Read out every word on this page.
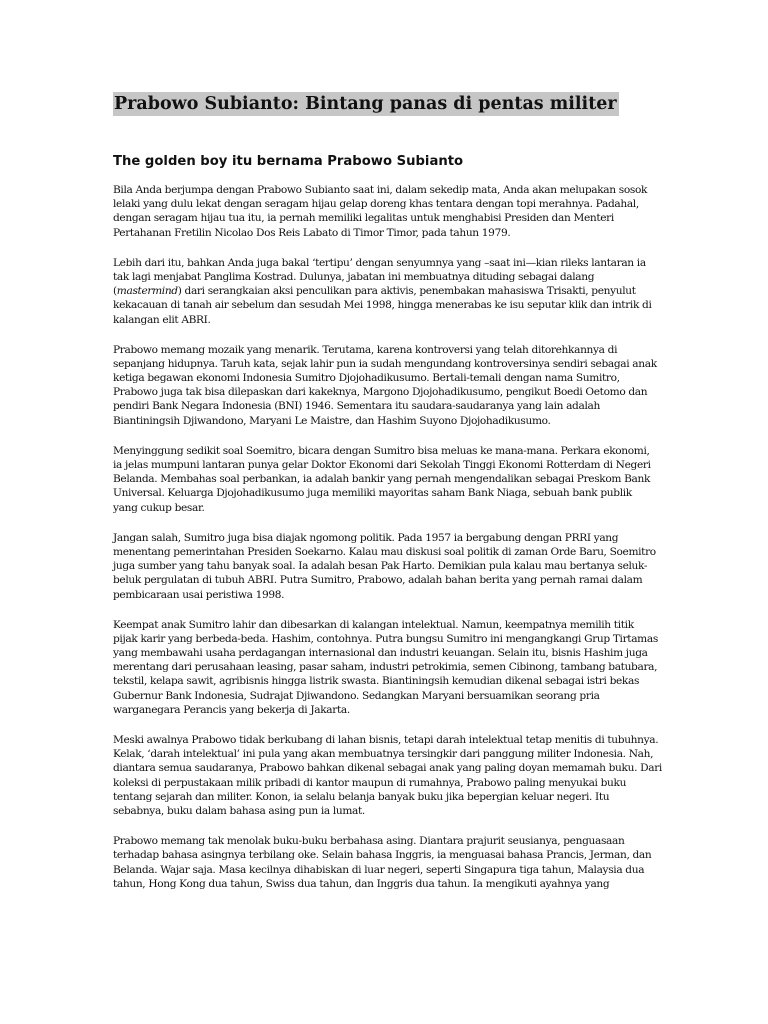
Prabowo Subianto: Bintang panas di pentas militer
The golden boy itu bernama Prabowo Subianto
Bila Anda berjumpa dengan Prabowo Subianto saat ini, dalam sekedip mata, Anda akan melupakan sosok
lelaki yang dulu lekat dengan seragam hijau gelap doreng khas tentara dengan topi merahnya. Padahal,
dengan seragam hijau tua itu, ia pernah memiliki legalitas untuk menghabisi Presiden dan Menteri
Pertahanan Fretilin Nicolao Dos Reis Labato di Timor Timor, pada tahun 1979.
Lebih dari itu, bahkan Anda juga bakal ‘tertipu’ dengan senyumnya yang –saat ini—kian rileks lantaran ia
tak lagi menjabat Panglima Kostrad. Dulunya, jabatan ini membuatnya dituding sebagai dalang
(mastermind) dari serangkaian aksi penculikan para aktivis, penembakan mahasiswa Trisakti, penyulut
kekacauan di tanah air sebelum dan sesudah Mei 1998, hingga menerabas ke isu seputar klik dan intrik di
kalangan elit ABRI.
Prabowo memang mozaik yang menarik. Terutama, karena kontroversi yang telah ditorehkannya di
sepanjang hidupnya. Taruh kata, sejak lahir pun ia sudah mengundang kontroversinya sendiri sebagai anak
ketiga begawan ekonomi Indonesia Sumitro Djojohadikusumo. Bertali-temali dengan nama Sumitro,
Prabowo juga tak bisa dilepaskan dari kakeknya, Margono Djojohadikusumo, pengikut Boedi Oetomo dan
pendiri Bank Negara Indonesia (BNI) 1946. Sementara itu saudara-saudaranya yang lain adalah
Biantiningsih Djiwandono, Maryani Le Maistre, dan Hashim Suyono Djojohadikusumo.
Menyinggung sedikit soal Soemitro, bicara dengan Sumitro bisa meluas ke mana-mana. Perkara ekonomi,
ia jelas mumpuni lantaran punya gelar Doktor Ekonomi dari Sekolah Tinggi Ekonomi Rotterdam di Negeri
Belanda. Membahas soal perbankan, ia adalah bankir yang pernah mengendalikan sebagai Preskom Bank
Universal. Keluarga Djojohadikusumo juga memiliki mayoritas saham Bank Niaga, sebuah bank publik
yang cukup besar.
Jangan salah, Sumitro juga bisa diajak ngomong politik. Pada 1957 ia bergabung dengan PRRI yang
menentang pemerintahan Presiden Soekarno. Kalau mau diskusi soal politik di zaman Orde Baru, Soemitro
juga sumber yang tahu banyak soal. Ia adalah besan Pak Harto. Demikian pula kalau mau bertanya seluk-
beluk pergulatan di tubuh ABRI. Putra Sumitro, Prabowo, adalah bahan berita yang pernah ramai dalam
pembicaraan usai peristiwa 1998.
Keempat anak Sumitro lahir dan dibesarkan di kalangan intelektual. Namun, keempatnya memilih titik
pijak karir yang berbeda-beda. Hashim, contohnya. Putra bungsu Sumitro ini mengangkangi Grup Tirtamas
yang membawahi usaha perdagangan internasional dan industri keuangan. Selain itu, bisnis Hashim juga
merentang dari perusahaan leasing, pasar saham, industri petrokimia, semen Cibinong, tambang batubara,
tekstil, kelapa sawit, agribisnis hingga listrik swasta. Biantiningsih kemudian dikenal sebagai istri bekas
Gubernur Bank Indonesia, Sudrajat Djiwandono. Sedangkan Maryani bersuamikan seorang pria
warganegara Perancis yang bekerja di Jakarta.
Meski awalnya Prabowo tidak berkubang di lahan bisnis, tetapi darah intelektual tetap menitis di tubuhnya.
Kelak, ‘darah intelektual’ ini pula yang akan membuatnya tersingkir dari panggung militer Indonesia. Nah,
diantara semua saudaranya, Prabowo bahkan dikenal sebagai anak yang paling doyan memamah buku. Dari
koleksi di perpustakaan milik pribadi di kantor maupun di rumahnya, Prabowo paling menyukai buku
tentang sejarah dan militer. Konon, ia selalu belanja banyak buku jika bepergian keluar negeri. Itu
sebabnya, buku dalam bahasa asing pun ia lumat.
Prabowo memang tak menolak buku-buku berbahasa asing. Diantara prajurit seusianya, penguasaan
terhadap bahasa asingnya terbilang oke. Selain bahasa Inggris, ia menguasai bahasa Prancis, Jerman, dan
Belanda. Wajar saja. Masa kecilnya dihabiskan di luar negeri, seperti Singapura tiga tahun, Malaysia dua
tahun, Hong Kong dua tahun, Swiss dua tahun, dan Inggris dua tahun. Ia mengikuti ayahnya yang
